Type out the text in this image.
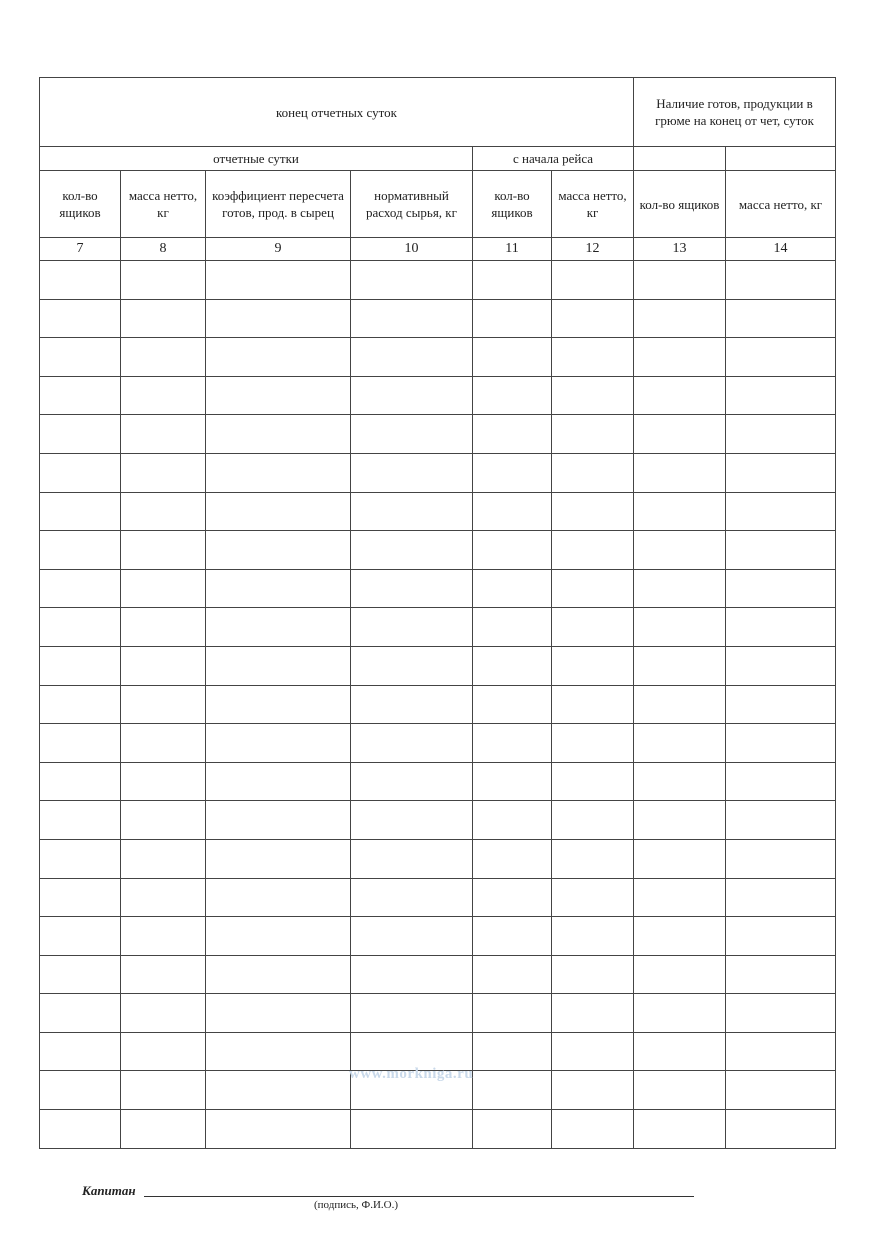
конец отчетных суток						Наличие готов, продукции в грюме на конец от чет, суток	
отчетные сутки				с начала рейса			
кол-во ящиков	масса нетто, кг	коэффициент пересчета готов, прод. в сырец	нормативный расход сырья, кг	кол-во ящиков	масса нетто, кг	кол-во ящиков	масса нетто, кг
7	8	9	10	11	12	13	14

www.morkniga.ru
Капитан
(подпись, Ф.И.О.)
